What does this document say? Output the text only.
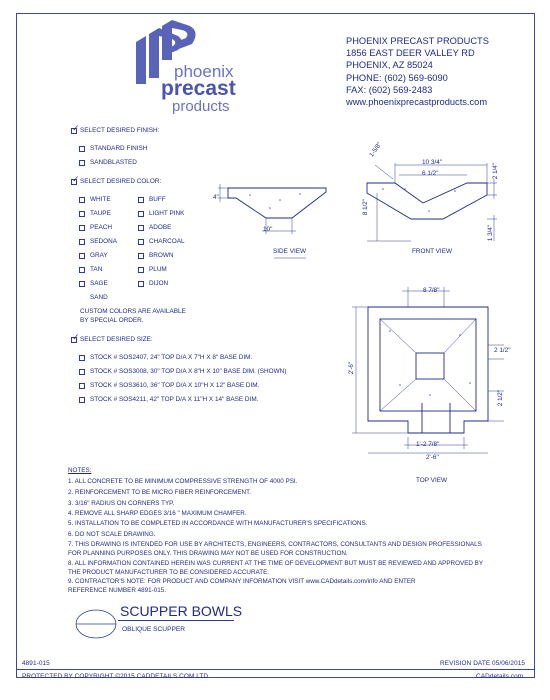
phoenix
precast
products
PHOENIX PRECAST PRODUCTS
1856 EAST DEER VALLEY RD
PHOENIX, AZ 85024
PHONE: (602) 569-6090
FAX: (602) 569-2483
www.phoenixprecastproducts.com
✓ SELECT DESIRED FINISH:
STANDARD FINISH
SANDBLASTED
✓ SELECT DESIRED COLOR:
WHITE
TAUPE
PEACH
SEDONA
GRAY
TAN
SAGE
SAND
BUFF
LIGHT PINK
ADOBE
CHARCOAL
BROWN
PLUM
DIJON
CUSTOM COLORS ARE AVAILABLE
BY SPECIAL ORDER.
✓ SELECT DESIRED SIZE:
STOCK # SOS2407, 24" TOP D/A X 7"H X 8" BASE DIM.
STOCK # SOS3008, 30" TOP D/A X 8"H X 10" BASE DIM. (SHOWN)
STOCK # SOS3610, 36" TOP D/A X 10"H X 12" BASE DIM.
STOCK # SOS4211, 42" TOP D/A X 11"H X 14" BASE DIM.
4"
10"
SIDE VIEW
1-5/8"
10 3/4"
6 1/2"	2 1/4"
8 1/2"
1 3/4"
FRONT VIEW
8 7/8"
2'-6"
2 1/2"
2 1/2"
1'-2 7/8"
2'-6"
TOP VIEW
NOTES:
1. ALL CONCRETE TO BE MINIMUM COMPRESSIVE STRENGTH OF 4000 PSI.
2. REINFORCEMENT TO BE MICRO FIBER REINFORCEMENT.
3. 3/16" RADIUS ON CORNERS TYP.
4. REMOVE ALL SHARP EDGES 3/16 " MAXIMUM CHAMFER.
5. INSTALLATION TO BE COMPLETED IN ACCORDANCE WITH MANUFACTURER'S SPECIFICATIONS.
6. DO NOT SCALE DRAWING.
7. THIS DRAWING IS INTENDED FOR USE BY ARCHITECTS, ENGINEERS, CONTRACTORS, CONSULTANTS AND DESIGN PROFESSIONALS
FOR PLANNING PURPOSES ONLY. THIS DRAWING MAY NOT BE USED FOR CONSTRUCTION.
8. ALL INFORMATION CONTAINED HEREIN WAS CURRENT AT THE TIME OF DEVELOPMENT BUT MUST BE REVIEWED AND APPROVED BY
THE PRODUCT MANUFACTURER TO BE CONSIDERED ACCURATE.
9. CONTRACTOR'S NOTE: FOR PRODUCT AND COMPANY INFORMATION VISIT www.CADdetails.com/info AND ENTER
REFERENCE NUMBER 4891-015.
SCUPPER BOWLS
OBLIQUE SCUPPER
4891-015	REVISION DATE 05/06/2015
PROTECTED BY COPYRIGHT ©2015 CADDETAILS.COM LTD.	CADdetails.com
